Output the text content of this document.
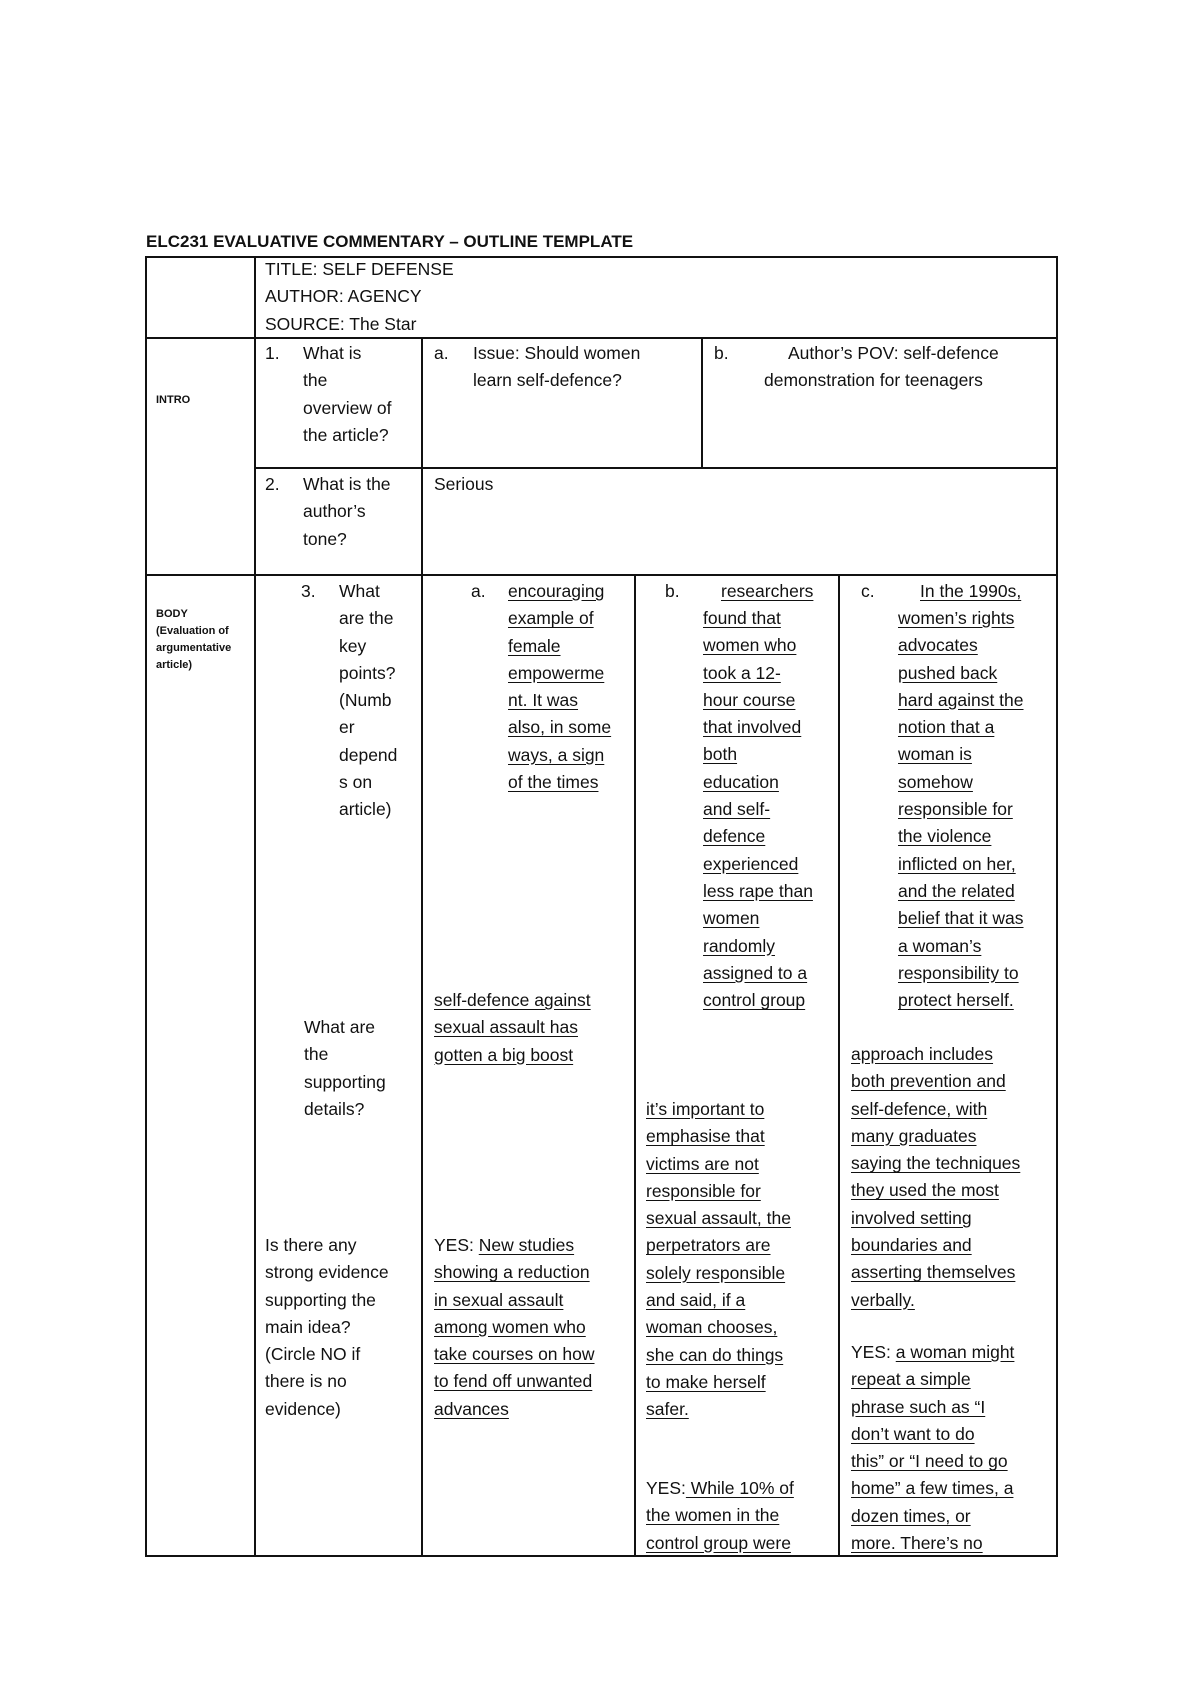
ELC231 EVALUATIVE COMMENTARY – OUTLINE TEMPLATE
TITLE: SELF DEFENSE
AUTHOR: AGENCY
SOURCE: The Star
INTRO
1. What is
the
overview of
the article?
a. Issue: Should women
learn self-defence?
b.	Author’s POV: self-defence
demonstration for teenagers
2. What is the
author’s
tone?
Serious
BODY
(Evaluation of
argumentative
article)
3. What
are the
key
points?
(Numb
er
depend
s on
article)
a. encouraging
example of
female
empowerme
nt. It was
also, in some
ways, a sign
of the times
b. researchers
found that
women who
took a 12-
hour course
that involved
both
education
and self-
defence
experienced
less rape than
women
randomly
assigned to a
control group
c.	In the 1990s,
women’s rights
advocates
pushed back
hard against the
notion that a
woman is
somehow
responsible for
the violence
inflicted on her,
and the related
belief that it was
a woman’s
responsibility to
protect herself.
What are
the
supporting
details?
self-defence against
sexual assault has
gotten a big boost
it’s important to
emphasise that
victims are not
responsible for
sexual assault, the
perpetrators are
solely responsible
and said, if a
woman chooses,
she can do things
to make herself
safer.
approach includes
both prevention and
self-defence, with
many graduates
saying the techniques
they used the most
involved setting
boundaries and
asserting themselves
verbally.
Is there any
strong evidence
supporting the
main idea?
(Circle NO if
there is no
evidence)
YES: New studies
showing a reduction
in sexual assault
among women who
take courses on how
to fend off unwanted
advances
YES: While 10% of
the women in the
control group were
YES: a woman might
repeat a simple
phrase such as “I
don’t want to do
this” or “I need to go
home” a few times, a
dozen times, or
more. There’s no
